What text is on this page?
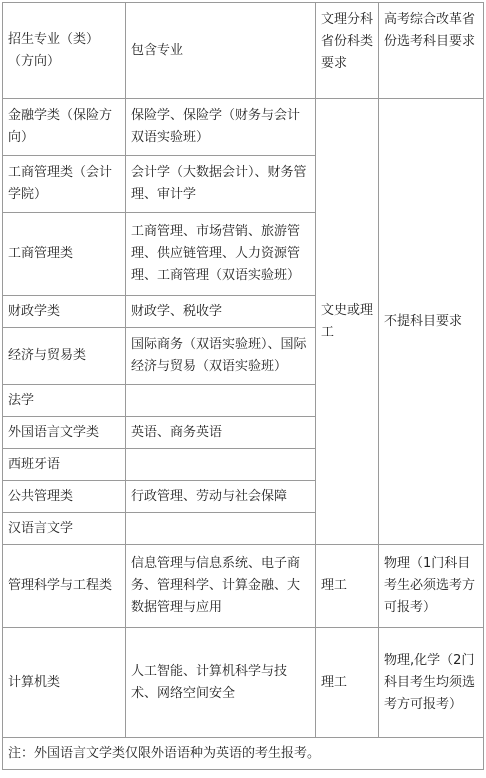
招生专业（类）
（方向）	包含专业	文理分科省份科类要求	高考综合改革省份选考科目要求
金融学类（保险方向）	保险学、保险学（财务与会计双语实验班）	文史或理工	不提科目要求
工商管理类（会计学院）	会计学（大数据会计）、财务管理、审计学		
工商管理类	工商管理、市场营销、旅游管理、供应链管理、人力资源管理、工商管理（双语实验班）		
财政学类	财政学、税收学		
经济与贸易类	国际商务（双语实验班）、国际经济与贸易（双语实验班）		
法学			
外国语言文学类	英语、商务英语		
西班牙语			
公共管理类	行政管理、劳动与社会保障		
汉语言文学			
管理科学与工程类	信息管理与信息系统、电子商务、管理科学、计算金融、大数据管理与应用	理工	物理（1门科目考生必须选考方可报考）
计算机类	人工智能、计算机科学与技术、网络空间安全	理工	物理,化学（2门科目考生均须选考方可报考）
注：外国语言文学类仅限外语语种为英语的考生报考。			
